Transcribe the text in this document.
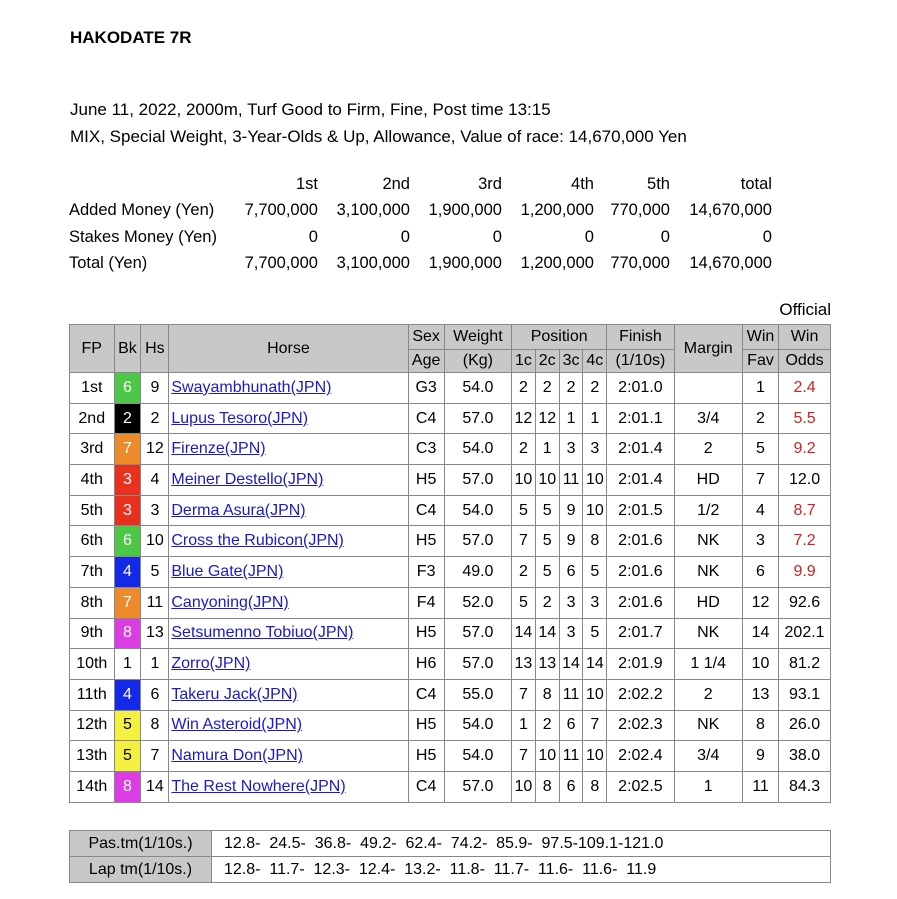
HAKODATE 7R
June 11, 2022, 2000m, Turf Good to Firm, Fine, Post time 13:15
MIX, Special Weight, 3-Year-Olds & Up, Allowance, Value of race: 14,670,000 Yen
	1st	2nd	3rd	4th	5th	total
Added Money (Yen)	7,700,000	3,100,000	1,900,000	1,200,000	770,000	14,670,000
Stakes Money (Yen)	0	0	0	0	0	0
Total (Yen)	7,700,000	3,100,000	1,900,000	1,200,000	770,000	14,670,000
Official
FP	Bk	Hs	Horse	Sex	Weight	Position				Finish	Margin	Win	Win
				Age	(Kg)	1c	2c	3c	4c	(1/10s)		Fav	Odds
1st	6	9	Swayambhunath(JPN)	G3	54.0	2	2	2	2	2:01.0		1	2.4
2nd	2	2	Lupus Tesoro(JPN)	C4	57.0	12	12	1	1	2:01.1	3/4	2	5.5
3rd	7	12	Firenze(JPN)	C3	54.0	2	1	3	3	2:01.4	2	5	9.2
4th	3	4	Meiner Destello(JPN)	H5	57.0	10	10	11	10	2:01.4	HD	7	12.0
5th	3	3	Derma Asura(JPN)	C4	54.0	5	5	9	10	2:01.5	1/2	4	8.7
6th	6	10	Cross the Rubicon(JPN)	H5	57.0	7	5	9	8	2:01.6	NK	3	7.2
7th	4	5	Blue Gate(JPN)	F3	49.0	2	5	6	5	2:01.6	NK	6	9.9
8th	7	11	Canyoning(JPN)	F4	52.0	5	2	3	3	2:01.6	HD	12	92.6
9th	8	13	Setsumenno Tobiuo(JPN)	H5	57.0	14	14	3	5	2:01.7	NK	14	202.1
10th	1	1	Zorro(JPN)	H6	57.0	13	13	14	14	2:01.9	1 1/4	10	81.2
11th	4	6	Takeru Jack(JPN)	C4	55.0	7	8	11	10	2:02.2	2	13	93.1
12th	5	8	Win Asteroid(JPN)	H5	54.0	1	2	6	7	2:02.3	NK	8	26.0
13th	5	7	Namura Don(JPN)	H5	54.0	7	10	11	10	2:02.4	3/4	9	38.0
14th	8	14	The Rest Nowhere(JPN)	C4	57.0	10	8	6	8	2:02.5	1	11	84.3
Pas.tm(1/10s.)	12.8-  24.5-  36.8-  49.2-  62.4-  74.2-  85.9-  97.5-109.1-121.0
Lap tm(1/10s.)	12.8-  11.7-  12.3-  12.4-  13.2-  11.8-  11.7-  11.6-  11.6-  11.9
